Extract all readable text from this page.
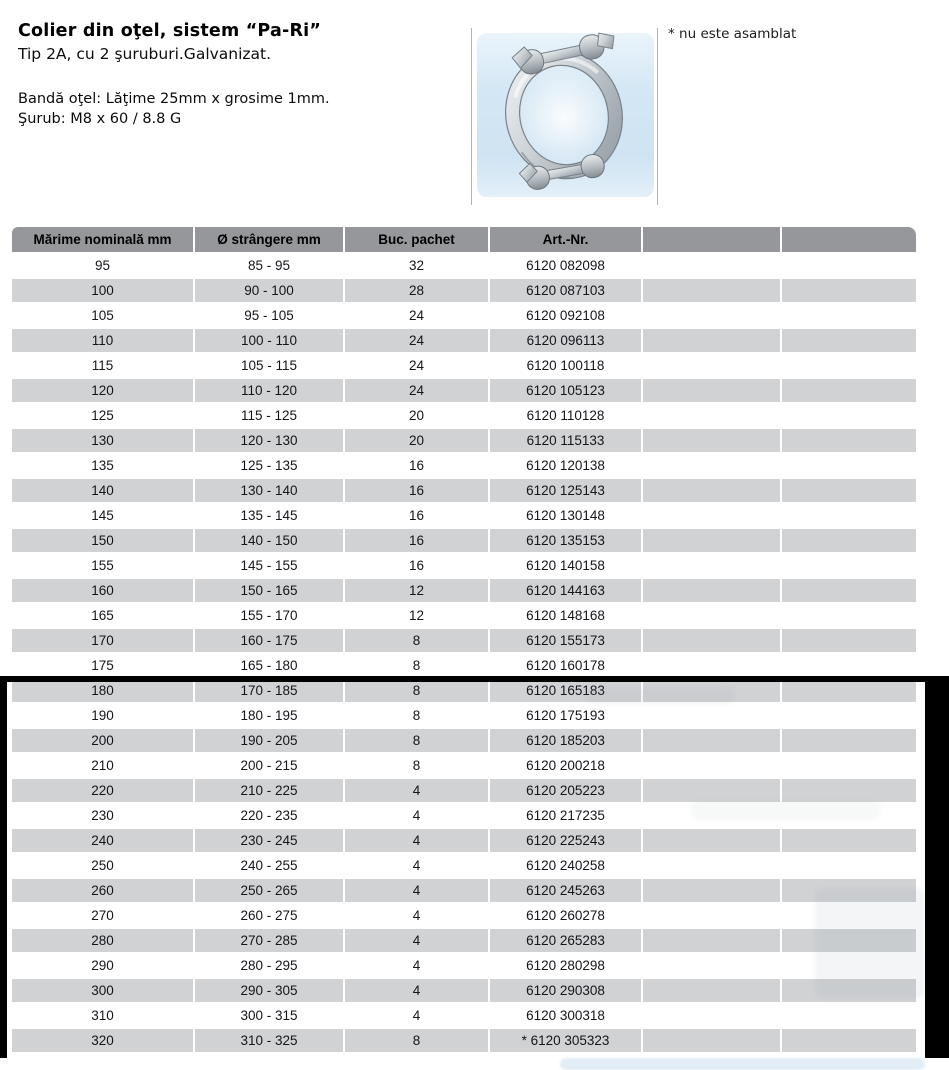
Colier din oţel, sistem “Pa-Ri”
Tip 2A, cu 2 şuruburi.Galvanizat.
Bandă oţel: Lăţime 25mm x grosime 1mm.
Şurub: M8 x 60 / 8.8 G
* nu este asamblat
Mărime nominală mm	Ø strângere mm	Buc. pachet	Art.-Nr.		
95	85 - 95	32	6120 082098		
100	90 - 100	28	6120 087103		
105	95 - 105	24	6120 092108		
110	100 - 110	24	6120 096113		
115	105 - 115	24	6120 100118		
120	110 - 120	24	6120 105123		
125	115 - 125	20	6120 110128		
130	120 - 130	20	6120 115133		
135	125 - 135	16	6120 120138		
140	130 - 140	16	6120 125143		
145	135 - 145	16	6120 130148		
150	140 - 150	16	6120 135153		
155	145 - 155	16	6120 140158		
160	150 - 165	12	6120 144163		
165	155 - 170	12	6120 148168		
170	160 - 175	8	6120 155173		
175	165 - 180	8	6120 160178		
180	170 - 185	8	6120 165183		
190	180 - 195	8	6120 175193		
200	190 - 205	8	6120 185203		
210	200 - 215	8	6120 200218		
220	210 - 225	4	6120 205223		
230	220 - 235	4	6120 217235		
240	230 - 245	4	6120 225243		
250	240 - 255	4	6120 240258		
260	250 - 265	4	6120 245263		
270	260 - 275	4	6120 260278		
280	270 - 285	4	6120 265283		
290	280 - 295	4	6120 280298		
300	290 - 305	4	6120 290308		
310	300 - 315	4	6120 300318		
320	310 - 325	8	* 6120 305323		
